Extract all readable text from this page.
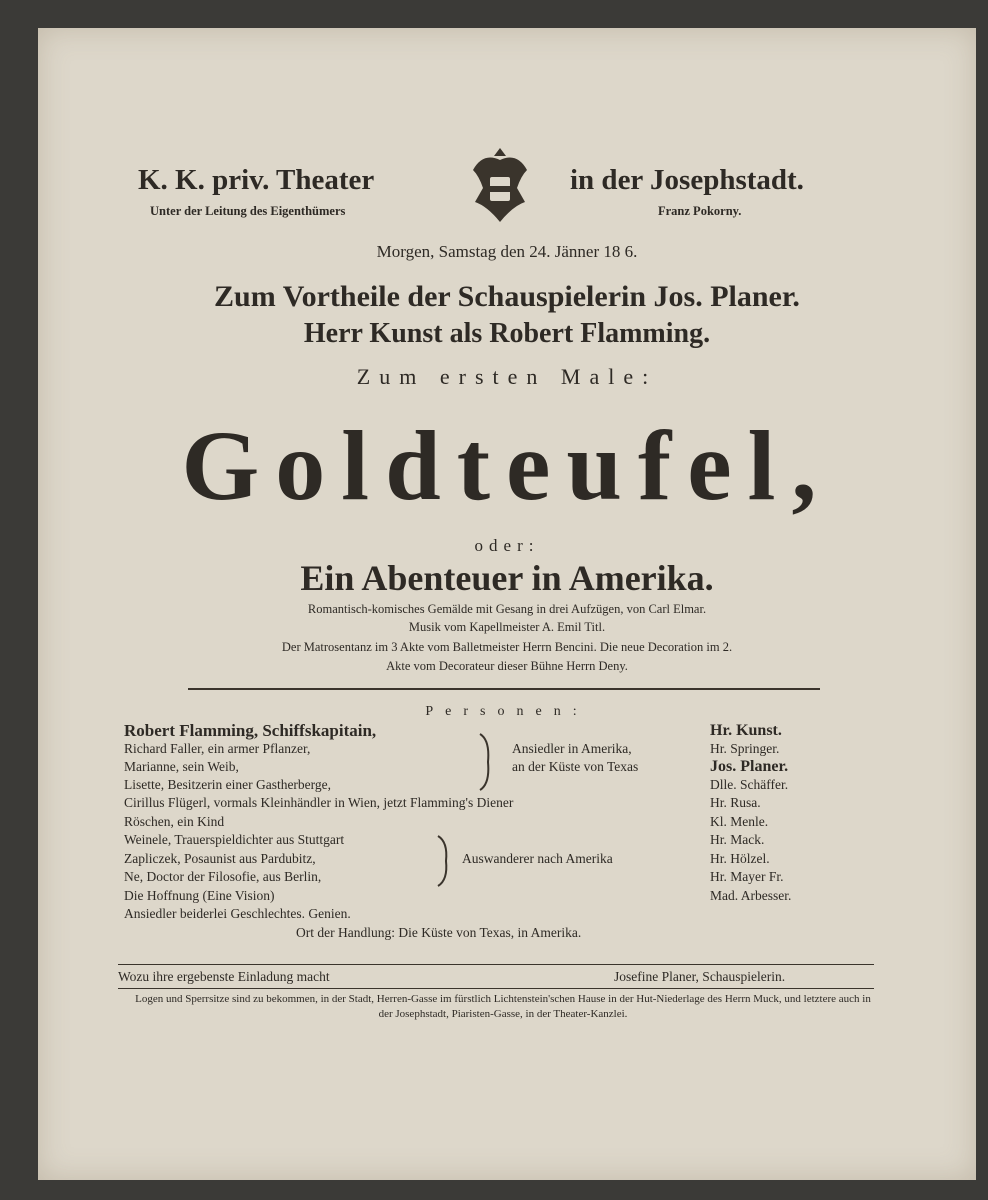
K. K. priv. Theater	in der Josephstadt.
Unter der Leitung des Eigenthümers	Franz Pokorny.
Morgen, Samstag den 24. Jänner 18 6.
Zum Vortheile der Schauspielerin Jos. Planer.
Herr Kunst als Robert Flamming.
Zum ersten Male:
Goldteufel,
oder:
Ein Abenteuer in Amerika.
Romantisch-komisches Gemälde mit Gesang in drei Aufzügen, von Carl Elmar.
Musik vom Kapellmeister A. Emil Titl.
Der Matrosentanz im 3 Akte vom Balletmeister Herrn Bencini. Die neue Decoration im 2.
Akte vom Decorateur dieser Bühne Herrn Deny.
Personen:
Robert Flamming, Schiffskapitain,	Hr. Kunst.
Richard Faller, ein armer Pflanzer,	Hr. Springer.
Marianne, sein Weib,	Jos. Planer.
Lisette, Besitzerin einer Gastherberge,	Dlle. Schäffer.
Cirillus Flügerl, vormals Kleinhändler in Wien, jetzt Flamming's Diener	Hr. Rusa.
Röschen, ein Kind	Kl. Menle.
Weinele, Trauerspieldichter aus Stuttgart	Hr. Mack.
Zapliczek, Posaunist aus Pardubitz,	Hr. Hölzel.
Ne, Doctor der Filosofie, aus Berlin,	Hr. Mayer Fr.
Die Hoffnung (Eine Vision)	Mad. Arbesser.
Ansiedler in Amerika,
an der Küste von Texas
Auswanderer nach Amerika
Ansiedler beiderlei Geschlechtes. Genien.
Ort der Handlung: Die Küste von Texas, in Amerika.
Wozu ihre ergebenste Einladung macht	Josefine Planer, Schauspielerin.
Logen und Sperrsitze sind zu bekommen, in der Stadt, Herren-Gasse im fürstlich Lichtenstein'schen Hause in der Hut-Niederlage des Herrn Muck, und letztere auch in der Josephstadt, Piaristen-Gasse, in der Theater-Kanzlei.
